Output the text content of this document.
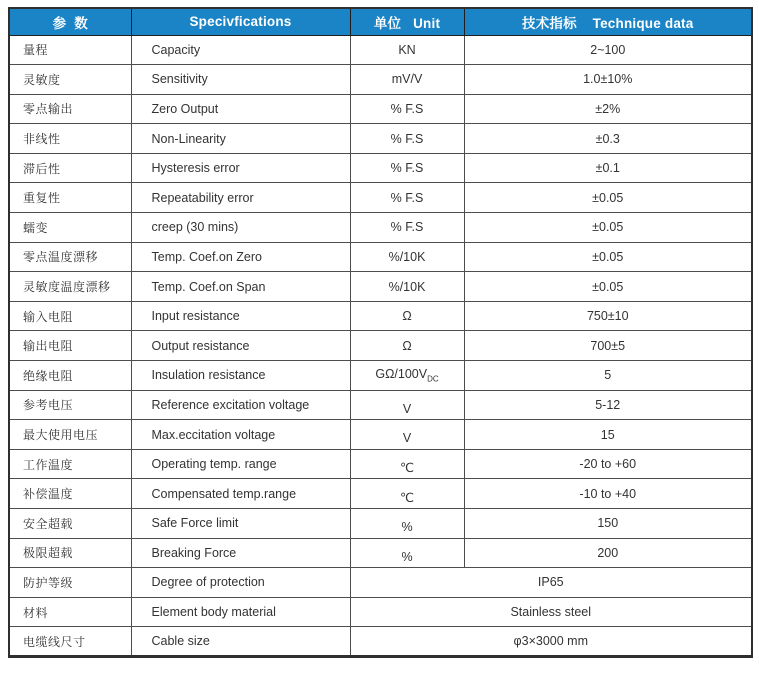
参  数	Specivfications	单位   Unit	技术指标    Technique data
量程	Capacity	KN	2~100
灵敏度	Sensitivity	mV/V	1.0±10%
零点输出	Zero Output	% F.S	±2%
非线性	Non-Linearity	% F.S	±0.3
滞后性	Hysteresis error	% F.S	±0.1
重复性	Repeatability error	% F.S	±0.05
蠕变	creep (30 mins)	% F.S	±0.05
零点温度漂移	Temp. Coef.on Zero	%/10K	±0.05
灵敏度温度漂移	Temp. Coef.on Span	%/10K	±0.05
输入电阻	Input resistance	Ω	750±10
输出电阻	Output resistance	Ω	700±5
绝缘电阻	Insulation resistance	$G\Omega/100V_{DC}$	5
参考电压	Reference excitation voltage	V	5-12
最大使用电压	Max.eccitation voltage	V	15
工作温度	Operating temp. range	℃	-20 to +60
补偿温度	Compensated temp.range	℃	-10 to +40
安全超载	Safe Force limit	%	150
极限超载	Breaking Force	%	200
防护等级	Degree of protection	IP65	
材料	Element body material	Stainless steel	
电缆线尺寸	Cable size	φ3×3000 mm	
